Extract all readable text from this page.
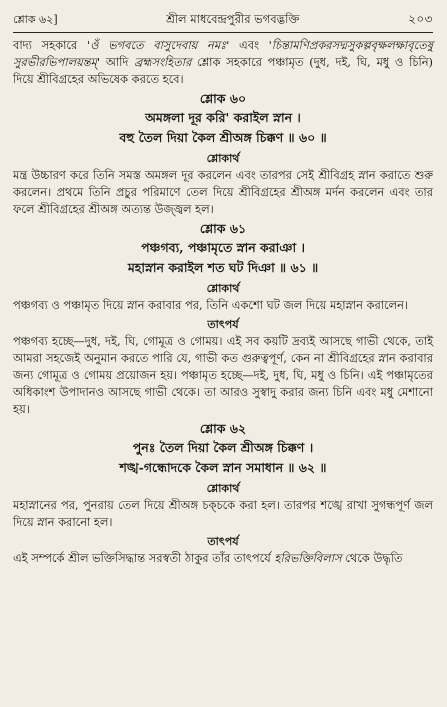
শ্লোক ৬২]	শ্রীল মাধবেন্দ্রপুরীর ভগবদ্ভক্তি	২০৩

বাদ্য সহকারে 'ওঁ ভগবতে বাসুদেবায় নমঃ' এবং 'চিন্তামণিপ্রকরসদ্মসুকল্পবৃক্ষলক্ষাবৃতেষু সুরভীরভিপালয়ন্তম্' আদি ব্রহ্মসংহিতার শ্লোক সহকারে পঞ্চামৃত (দুধ, দই, ঘি, মধু ও চিনি) দিয়ে শ্রীবিগ্রহের অভিষেক করতে হবে।

শ্লোক ৬০
অমঙ্গলা দূর করি' করাইল স্নান ।
বহু তৈল দিয়া কৈল শ্রীঅঙ্গ চিক্কণ ॥ ৬০ ॥
শ্লোকার্থ

মন্ত্র উচ্চারণ করে তিনি সমস্ত অমঙ্গল দূর করলেন এবং তারপর সেই শ্রীবিগ্রহ স্নান করাতে শুরু করলেন। প্রথমে তিনি প্রচুর পরিমাণে তেল দিয়ে শ্রীবিগ্রহের শ্রীঅঙ্গ মর্দন করলেন এবং তার ফলে শ্রীবিগ্রহের শ্রীঅঙ্গ অত্যন্ত উজ্জ্বল হল।

শ্লোক ৬১
পঞ্চগব্য, পঞ্চামৃতে স্নান করাঞা ।
মহাস্নান করাইল শত ঘট দিঞা ॥ ৬১ ॥
শ্লোকার্থ

পঞ্চগব্য ও পঞ্চামৃত দিয়ে স্নান করাবার পর, তিনি একশো ঘট জল দিয়ে মহাস্নান করালেন।

তাৎপর্য

পঞ্চগব্য হচ্ছে—দুধ, দই, ঘি, গোমূত্র ও গোময়। এই সব কয়টি দ্রব্যই আসছে গাভী থেকে, তাই আমরা সহজেই অনুমান করতে পারি যে, গাভী কত গুরুত্বপূর্ণ, কেন না শ্রীবিগ্রহের স্নান করাবার জন্য গোমূত্র ও গোময় প্রয়োজন হয়। পঞ্চামৃত হচ্ছে—দই, দুধ, ঘি, মধু ও চিনি। এই পঞ্চামৃতের অধিকাংশ উপাদানও আসছে গাভী থেকে। তা আরও সুস্বাদু করার জন্য চিনি এবং মধু মেশানো হয়।

শ্লোক ৬২
পুনঃ তৈল দিয়া কৈল শ্রীঅঙ্গ চিক্কণ ।
শঙ্খ-গন্ধোদকে কৈল স্নান সমাধান ॥ ৬২ ॥
শ্লোকার্থ

মহাস্নানের পর, পুনরায় তেল দিয়ে শ্রীঅঙ্গ চক্‌চকে করা হল। তারপর শঙ্খে রাখা সুগন্ধপূর্ণ জল দিয়ে স্নান করানো হল।

তাৎপর্য

এই সম্পর্কে শ্রীল ভক্তিসিদ্ধান্ত সরস্বতী ঠাকুর তাঁর তাৎপর্যে হরিভক্তিবিলাস থেকে উদ্ধৃতি
